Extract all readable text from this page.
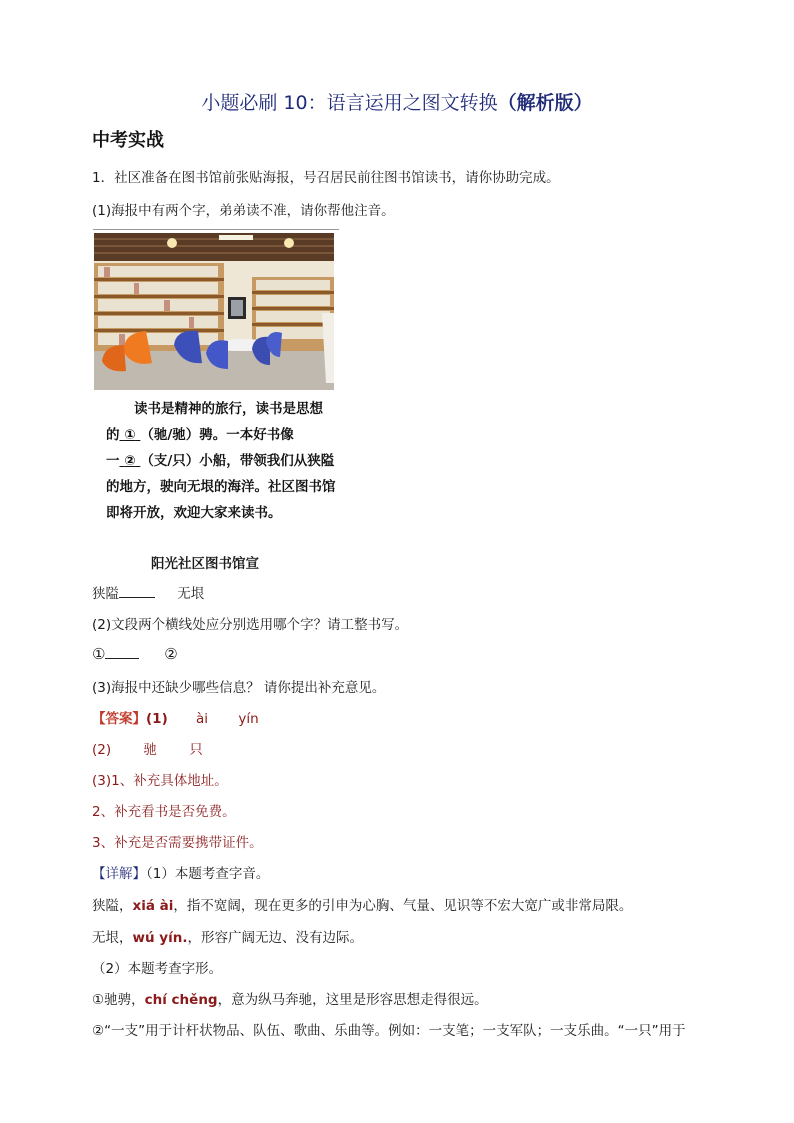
小题必刷 10：语言运用之图文转换（解析版）
中考实战
1．社区准备在图书馆前张贴海报，号召居民前往图书馆读书，请你协助完成。
(1)海报中有两个字，弟弟读不准，请你帮他注音。
读书是精神的旅行，读书是思想的 ① （驰/驰）骋。一本好书像一 ② （支/只）小船，带领我们从狭隘的地方，驶向无垠的海洋。社区图书馆即将开放，欢迎大家来读书。
阳光社区图书馆宣
狭隘	无垠
(2)文段两个横线处应分别选用哪个字？请工整书写。
①	②
(3)海报中还缺少哪些信息？ 请你提出补充意见。
【答案】(1) ài yín
(2) 驰 只
(3)1、补充具体地址。
2、补充看书是否免费。
3、补充是否需要携带证件。
【详解】（1）本题考查字音。
狭隘，xiá ài，指不宽阔，现在更多的引申为心胸、气量、见识等不宏大宽广或非常局限。
无垠，wú yín.，形容广阔无边、没有边际。
（2）本题考查字形。
①驰骋，chí chěng，意为纵马奔驰，这里是形容思想走得很远。
②“一支”用于计杆状物品、队伍、歌曲、乐曲等。例如：一支笔；一支军队；一支乐曲。“一只”用于
